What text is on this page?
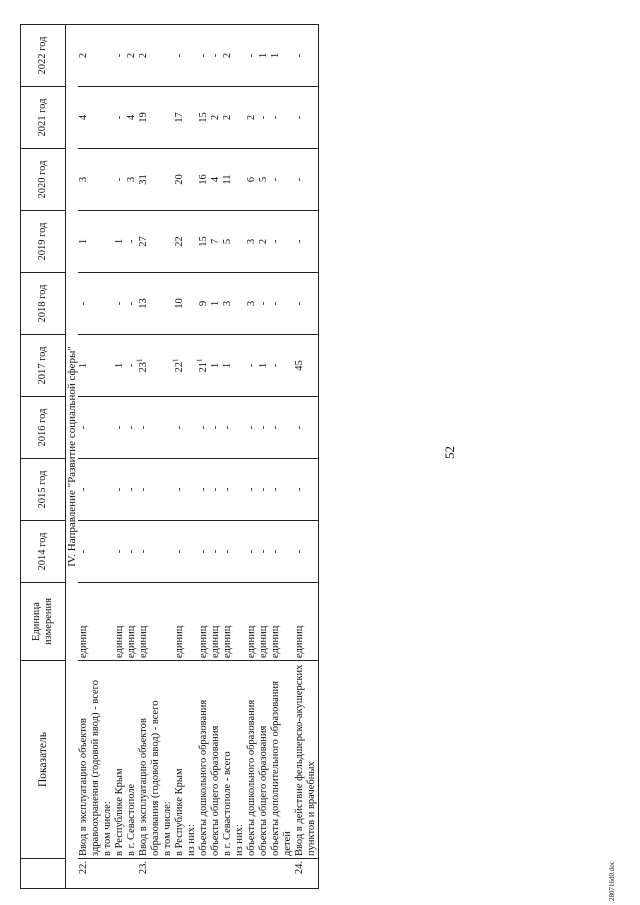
52
	Показатель	Единица измерения	2014 год	2015 год	2016 год	2017 год	2018 год	2019 год	2020 год	2021 год	2022 год
IV. Направление "Развитие социальной сферы"											
22.	Ввод в эксплуатацию объектов здравоохранения (годовой ввод) - всего	единиц	-	-	-	1	-	1	3	4	2
	в том числе:										
	в Республике Крым	единиц	-	-	-	1	-	1	-	-	-
	в г. Севастополе	единиц	-	-	-	-	-	-	3	4	2
23.	Ввод в эксплуатацию объектов образования (годовой ввод) - всего	единиц	-	-	-	$23^1$	13	27	31	19	2
	в том числе:										
	в Республике Крым	единиц	-	-	-	$22^1$	10	22	20	17	-
	из них:										
	объекты дошкольного образования	единиц	-	-	-	$21^1$	9	15	16	15	-
	объекты общего образования	единиц	-	-	-	1	1	7	4	2	-
	в г. Севастополе - всего	единиц	-	-	-	1	3	5	11	2	2
	из них:										
	объекты дошкольного образования	единиц	-	-	-	-	3	3	6	2	-
	объекты общего образования	единиц	-	-	-	1	-	2	5	-	1
	объекты дополнительного образования детей	единиц	-	-	-	-	-	-	-	-	1
24.	Ввод в действие фельдшерско-акушерских пунктов и врачебных	единиц	-	-	-	45	-	-	-	-	-
280716d0.doc
